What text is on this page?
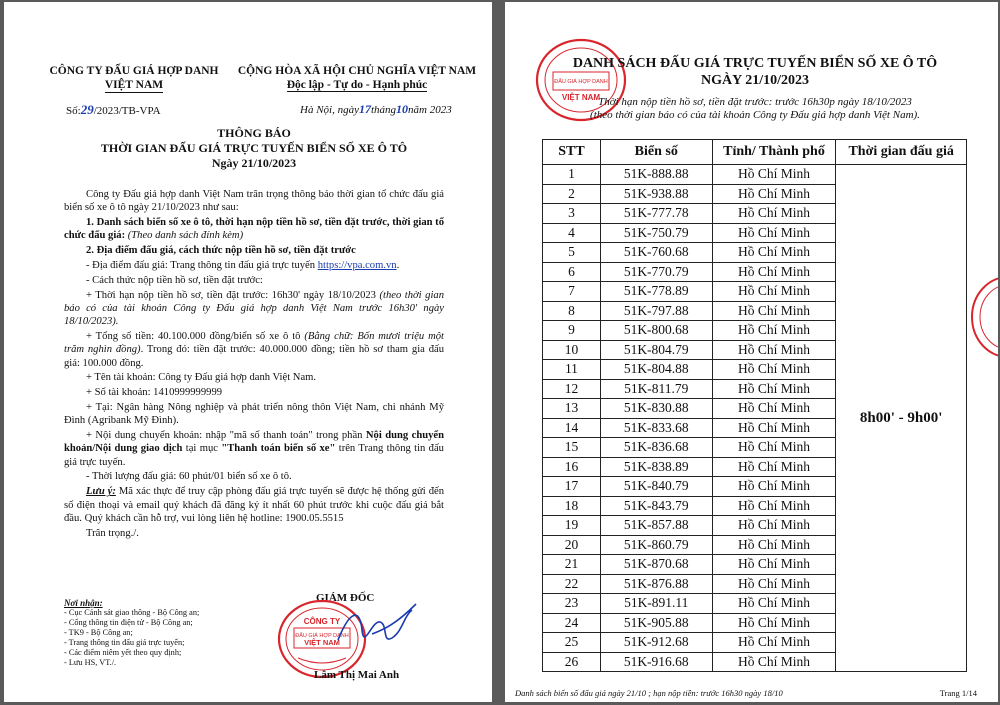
CÔNG TY ĐẤU GIÁ HỢP DANH
VIỆT NAM
CỘNG HÒA XÃ HỘI CHỦ NGHĨA VIỆT NAM
Độc lập - Tự do - Hạnh phúc
Số:29/2023/TB-VPA	Hà Nội, ngày17tháng10năm 2023
THÔNG BÁO
THỜI GIAN ĐẤU GIÁ TRỰC TUYẾN BIỂN SỐ XE Ô TÔ
Ngày 21/10/2023

Công ty Đấu giá hợp danh Việt Nam trân trọng thông báo thời gian tổ chức đấu giá biển số xe ô tô ngày 21/10/2023 như sau:

1. Danh sách biển số xe ô tô, thời hạn nộp tiền hồ sơ, tiền đặt trước, thời gian tổ chức đấu giá: (Theo danh sách đính kèm)

2. Địa điểm đấu giá, cách thức nộp tiền hồ sơ, tiền đặt trước

- Địa điểm đấu giá: Trang thông tin đấu giá trực tuyến https://vpa.com.vn.

- Cách thức nộp tiền hồ sơ, tiền đặt trước:

+ Thời hạn nộp tiền hồ sơ, tiền đặt trước: 16h30' ngày 18/10/2023 (theo thời gian báo có của tài khoản Công ty Đấu giá hợp danh Việt Nam trước 16h30' ngày 18/10/2023).

+ Tổng số tiền: 40.100.000 đồng/biển số xe ô tô (Bằng chữ: Bốn mươi triệu một trăm nghìn đồng). Trong đó: tiền đặt trước: 40.000.000 đồng; tiền hồ sơ tham gia đấu giá: 100.000 đồng.

+ Tên tài khoản: Công ty Đấu giá hợp danh Việt Nam.

+ Số tài khoản: 1410999999999

+ Tại: Ngân hàng Nông nghiệp và phát triển nông thôn Việt Nam, chi nhánh Mỹ Đình (Agribank Mỹ Đình).

+ Nội dung chuyển khoản: nhập "mã số thanh toán" trong phần Nội dung chuyển khoản/Nội dung giao dịch tại mục "Thanh toán biển số xe" trên Trang thông tin đấu giá trực tuyến.

- Thời lượng đấu giá: 60 phút/01 biển số xe ô tô.

Lưu ý: Mã xác thực để truy cập phòng đấu giá trực tuyến sẽ được hệ thống gửi đến số điện thoại và email quý khách đã đăng ký ít nhất 60 phút trước khi cuộc đấu giá bắt đầu. Quý khách cần hỗ trợ, vui lòng liên hệ hotline: 1900.05.5515

Trân trọng./.

Nơi nhận:
- Cục Cảnh sát giao thông - Bộ Công an;
- Cổng thông tin điện tử - Bộ Công an;
- TK9 - Bộ Công an;
- Trang thông tin đấu giá trực tuyến;
- Các điểm niêm yết theo quy định;
- Lưu HS, VT./.
GIÁM ĐỐC
CÔNG TY
ĐẤU GIÁ HỢP DANH
VIỆT NAM
Lâm Thị Mai Anh
ĐẤU GIÁ HỢP DANH
VIỆT NAM
DANH SÁCH ĐẤU GIÁ TRỰC TUYẾN BIỂN SỐ XE Ô TÔ
NGÀY 21/10/2023
Thời hạn nộp tiền hồ sơ, tiền đặt trước: trước 16h30p ngày 18/10/2023
(theo thời gian báo có của tài khoản Công ty Đấu giá hợp danh Việt Nam).
STT	Biển số	Tỉnh/ Thành phố	Thời gian đấu giá
1	51K-888.88	Hồ Chí Minh	8h00' - 9h00'
2	51K-938.88	Hồ Chí Minh	
3	51K-777.78	Hồ Chí Minh	
4	51K-750.79	Hồ Chí Minh	
5	51K-760.68	Hồ Chí Minh	
6	51K-770.79	Hồ Chí Minh	
7	51K-778.89	Hồ Chí Minh	
8	51K-797.88	Hồ Chí Minh	
9	51K-800.68	Hồ Chí Minh	
10	51K-804.79	Hồ Chí Minh	
11	51K-804.88	Hồ Chí Minh	
12	51K-811.79	Hồ Chí Minh	
13	51K-830.88	Hồ Chí Minh	
14	51K-833.68	Hồ Chí Minh	
15	51K-836.68	Hồ Chí Minh	
16	51K-838.89	Hồ Chí Minh	
17	51K-840.79	Hồ Chí Minh	
18	51K-843.79	Hồ Chí Minh	
19	51K-857.88	Hồ Chí Minh	
20	51K-860.79	Hồ Chí Minh	
21	51K-870.68	Hồ Chí Minh	
22	51K-876.88	Hồ Chí Minh	
23	51K-891.11	Hồ Chí Minh	
24	51K-905.88	Hồ Chí Minh	
25	51K-912.68	Hồ Chí Minh	
26	51K-916.68	Hồ Chí Minh	
Danh sách biển số đấu giá ngày 21/10 ; hạn nộp tiền: trước 16h30 ngày 18/10	Trang 1/14
